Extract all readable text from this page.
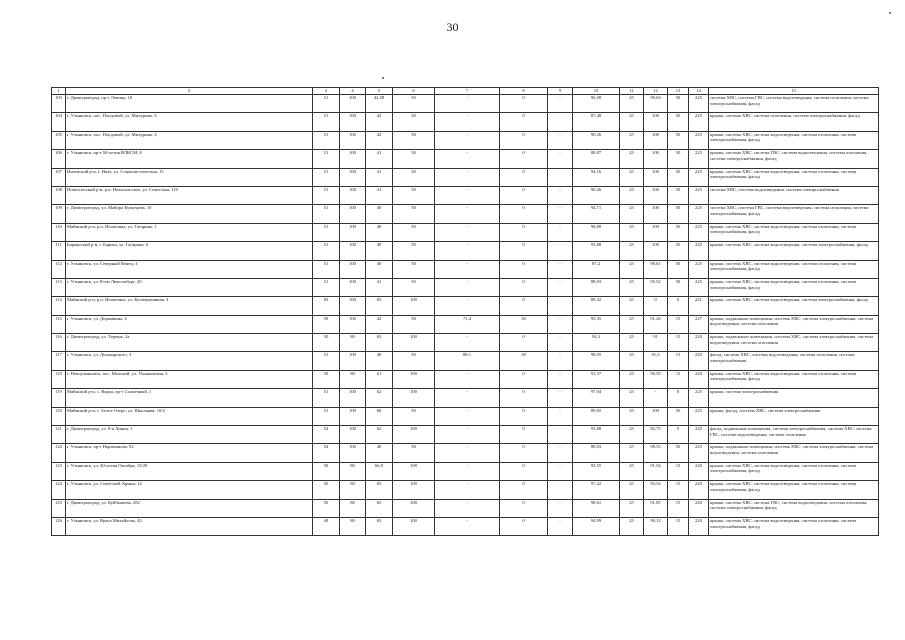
30
1	2	3	4	5	6	7	8	9	10	11	12	13	14	15
103	г. Димитровград, пр-т Ленина, 10	51	100	42,58	50	-	0	-	96,58	25	99,04	50	225	система ХВС, система ГВС, система водоотведения, система отопления, система электроснабжения, фасад
104	г. Ульяновск, пос. Плодовый, ул. Мичурина, 6	51	100	42	50	-	0	-	87,48	25	100	50	225	крыша, система ХВС, система отопления, система электроснабжения, фасад
105	г. Ульяновск, пос. Плодовый, ул. Мичурина, 4	51	100	42	50	-	0	-	90,26	25	100	50	225	крыша, система ХВС, система водоотведения, система отопления, система электроснабжения, фасад
106	г. Ульяновск, пр-т 50-летия ВЛКСМ, 8	51	100	41	50	-	0	-	88,87	25	100	50	225	крыша, система ХВС, система ГВС, система водоотведения, система отопления, система электроснабжения, фасад
107	Инзенский р-н, г. Инза, ул. Социалистическая, 15	51	100	41	50	-	0	-	94,16	25	100	50	225	крыша, система ХВС, система водоотведения, система отопления, система электроснабжения, фасад
108	Новоспасский р-н, р.п. Новоспасское, ул. Советская, 119	51	100	41	50	-	0	-	90,26	25	100	50	225	система ХВС, система водоотведения, система электроснабжения
109	г. Димитровград, ул. Майора Кузнецова, 10	51	100	40	50	-	0	-	94,71	25	100	50	225	система ХВС, система ГВС, система водоотведения, система отопления, система электроснабжения, фасад
110	Майнский р-н, р.п. Игнатовка, ул. Гагарина, 1	51	100	40	50	-	0	-	98,89	25	100	50	225	крыша, система ХВС, система водоотведения, система отопления, система электроснабжения, фасад
111	Барышский р-н, г. Барыш, ул. Гагарина, 6	51	100	40	50	-	0	-	93,88	25	100	50	225	крыша, система ХВС, система водоотведения, система электроснабжения, фасад
112	г. Ульяновск, ул. Северный Венец, 4	51	100	40	50	-	0	-	87,2	25	98,61	50	225	крыша, система ХВС, система водоотведения, система отопления, система электроснабжения, фасад
113	г. Ульяновск, ул. Розы Люксембург, 20	51	100	41	50	-	0	-	88,03	25	95,52	50	225	крыша, система ХВС, система водоотведения, система отопления, система электроснабжения, фасад
114	Майнский р-н, р.п. Игнатовка, ул. Кооперативная, 3	83	100	65	100	-	0	-	89,32	25	0	0	221	крыша, система ХВС, система водоотведения, система электроснабжения, фасад
115	г. Ульяновск, ул. Доржавина, 4	59	100	42	50	71,4	30	-	95,35	25	91,26	15	227	крыша, подвальные помещения, система ХВС, система электроснабжения, система водоотведения, система отопления
116	г. Димитровград, ул. Терешк, 2а	50	80	65	100	-	0	-	94,3	25	91	15	220	крыша, подвальные помещения, система ХВС, система электроснабжения, система водоотведения, система отопления
117	г. Ульяновск, ул. Луначарского, 3	51	100	40	50	88,1	30	-	98,05	25	91,3	15	220	фасад, система ХВС, система водоотведения, система отопления, система электроснабжения
118	г. Новоульяновск, пос. Меловой, ул. Ульяновская, 3	50	80	61	100	-	0	-	91,37	25	90,59	15	220	крыша, система ХВС, система водоотведения, система отопления, система электроснабжения, фасад
119	Майнский р-н, с. Выры, пр-т Солнечный, 1	51	100	62	100	-	0	-	97,04	25	-	0	225	крыша, система электроснабжения
120	Майнский р-н, с. Белое Озеро, ул. Школьная, 10/2	51	100	60	50	-	0	-	89,65	25	100	50	225	крыша, фасад, система ХВС, система электроснабжения
121	г. Димитровград, ул. 9-я Линия, 1	54	100	62	100	-	0	-	93,88	25	82,75	5	225	фасад, подвальные помещения, система электроснабжения, система ХВС, система ГВС, система водоотведения, система отопления
122	г. Ульяновск, пр-т Нариманова, 92	54	100	40	50	-	0	-	88,03	25	98,35	50	225	крыша, подвальные помещения, система ХВС, система электроснабжения, система водоотведения, система отопления
123	г. Ульяновск, ул. 40-летия Октября, 15/20	50	80	66,9	100	-	0	-	95,55	25	91,54	15	220	крыша, система ХВС, система водоотведения, система отопления, система электроснабжения, фасад
124	г. Ульяновск, ул. Советской Армии, 12	50	80	65	100	-	0	-	97,22	25	92,54	15	220	крыша, система ХВС, система водоотведения, система отопления, система электроснабжения, фасад
125	г. Димитровград, ул. Куйбышева, 282	50	80	65	100	-	0	-	98,61	25	91,85	15	220	крыша, система ХВС, система ГВС, система водоотведения, система отопления, система электроснабжения, фасад
126	г. Ульяновск, ул. Врача Михайлова, 43	49	80	65	100	-	0	-	94,99	25	90,12	15	220	крыша, система ХВС, система водоотведения, система отопления, система электроснабжения, фасад
